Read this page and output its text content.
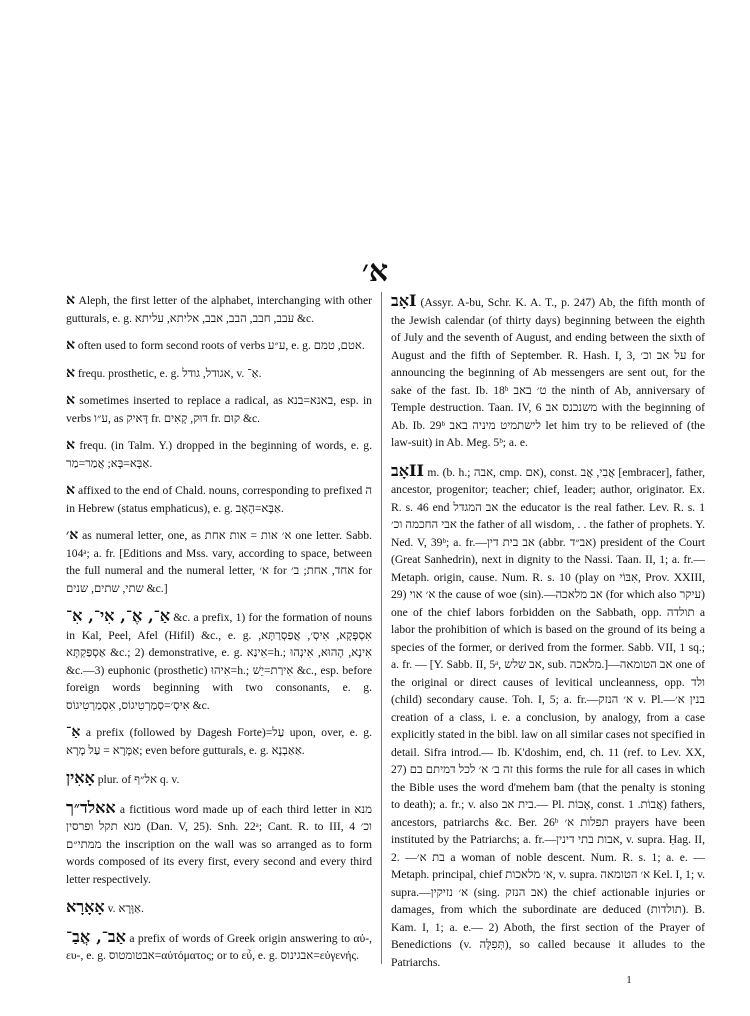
א׳

א Aleph, the first letter of the alphabet, interchanging with other gutturals, e. g. עבב, חבב, הבב, אבב, אליתא, עליתא &c.

א often used to form second roots of verbs ע״ע, e. g. אטם, טמם.

א frequ. prosthetic, e. g. אגודל, גודל, v. אַ־.

א sometimes inserted to replace a radical, as באנא=בנא, esp. in verbs ע״ו, as דָּאיק fr. דּוּק, קָאִים fr. קוּם &c.

א frequ. (in Talm. Y.) dropped in the beginning of words, e. g. אַבָּא=בָּא; אֲמַר=מַר.

א affixed to the end of Chald. nouns, corresponding to prefixed ה in Hebrew (status emphaticus), e. g. אַבָּא=הָאָב.

א׳ as numeral letter, one, as א׳ אות = אות אחת one letter. Sabb. 104ᵃ; a. fr. [Editions and Mss. vary, according to space, between the full numeral and the numeral letter, א׳ for אחד, אחת; ב׳ for שתי, שתים, שנים &c.]

אַ־, אֶ־, אִי־, אִ־ &c. a prefix, 1) for the formation of nouns in Kal, Peel, Afel (Hifil) &c., e. g. אִסְפָּקָא, אִיסְ׳, אֲפַסְרַתָּא, אַסְפַּקְתָּא &c.; 2) demonstrative, e. g. אִינַא=h.; אִינָא, הָהוּא, אִינְהוּ &c.—3) euphonic (prosthetic) אִיהוּ=h.; אִירַת=יֵשׁ &c., esp. before foreign words beginning with two consonants, e. g. אִיסְ׳=סְמַרְטִיגוֹס, אִסְמַרְטִיגוֹס &c.

אַ־ a prefix (followed by Dagesh Forte)=עַל upon, over, e. g. אַמָּרָא = עַל מָרָא; even before gutturals, e. g. אַאַבְנָא.

אָאִין plur. of אל״ף q. v.

אאלד״ך a fictitious word made up of each third letter in מנא מנא תקל ופרסין (Dan. V, 25). Snh. 22ᵃ; Cant. R. to III, 4 וכ׳ ממתי״ם the inscription on the wall was so arranged as to form words composed of its every first, every second and every third letter respectively.

אָאָרָא v. אַוָּרָא.

אַב־, אֲבַ־ a prefix of words of Greek origin answering to αὐ-, ευ-, e. g. אבטומטוס=αὐτόματος; or to εὖ, e. g. אבגינוס=εὐγενής.

אָבI (Assyr. A-bu, Schr. K. A. T., p. 247) Ab, the fifth month of the Jewish calendar (of thirty days) beginning between the eighth of July and the seventh of August, and ending between the sixth of August and the fifth of September. R. Hash. I, 3, על אב וכ׳ for announcing the beginning of Ab messengers are sent out, for the sake of the fast. Ib. 18ᵇ ט׳ באב the ninth of Ab, anniversary of Temple destruction. Taan. IV, 6 משנכנס אב with the beginning of Ab. Ib. 29ᵇ לישתמיט מיניה באב let him try to be relieved of (the law-suit) in Ab. Meg. 5ᵇ; a. e.

אָבII m. (b. h.; אבה, cmp. אם), const. אֲבִי, אֲב [embracer], father, ancestor, progenitor; teacher; chief, leader; author, originator. Ex. R. s. 46 end אב המגדל the educator is the real father. Lev. R. s. 1 אבי החכמה וכ׳ the father of all wisdom, . . the father of prophets. Y. Ned. V, 39ᵇ; a. fr.—אב בית דין (abbr. אב״ד) president of the Court (Great Sanhedrin), next in dignity to the Nassi. Taan. II, 1; a. fr.—Metaph. origin, cause. Num. R. s. 10 (play on אִבּוֹי, Prov. XXIII, 29) א׳ אוי the cause of woe (sin).—אב מלאכה (for which also עיקר) one of the chief labors forbidden on the Sabbath, opp. תולדה a labor the prohibition of which is based on the ground of its being a species of the former, or derived from the former. Sabb. VII, 1 sq.; a. fr. — [Y. Sabb. II, 5ᵃ, אב שלש, sub. מלאכה.]—אב הטומאה one of the original or direct causes of levitical uncleanness, opp. ולד (child) secondary cause. Toh. I, 5; a. fr.—א׳ הנזק v. Pl.—בנין א׳ creation of a class, i. e. a conclusion, by analogy, from a case explicitly stated in the bibl. law on all similar cases not specified in detail. Sifra introd.— Ib. K'doshim, end, ch. 11 (ref. to Lev. XX, 27) זה ב׳ א׳ לכל דמיתם בם this forms the rule for all cases in which the Bible uses the word d'mehem bam (that the penalty is stoning to death); a. fr.; v. also בית אב.— Pl. אָבוֹת, const. אֲבוֹת. 1) fathers, ancestors, patriarchs &c. Ber. 26ᵇ תפלות א׳ prayers have been instituted by the Patriarchs; a. fr.—אבות בתי דינין, v. supra. Ḥag. II, 2. —בת א׳ a woman of noble descent. Num. R. s. 1; a. e. —Metaph. principal, chief א׳ מלאכות, v. supra. א׳ הטומאה Kel. I, 1; v. supra.—א׳ נזיקין (sing. אב הנזק) the chief actionable injuries or damages, from which the subordinate are deduced (תולדות). B. Kam. I, 1; a. e.— 2) Aboth, the first section of the Prayer of Benedictions (v. תְּפִלָּה), so called because it alludes to the Patriarchs.

1
